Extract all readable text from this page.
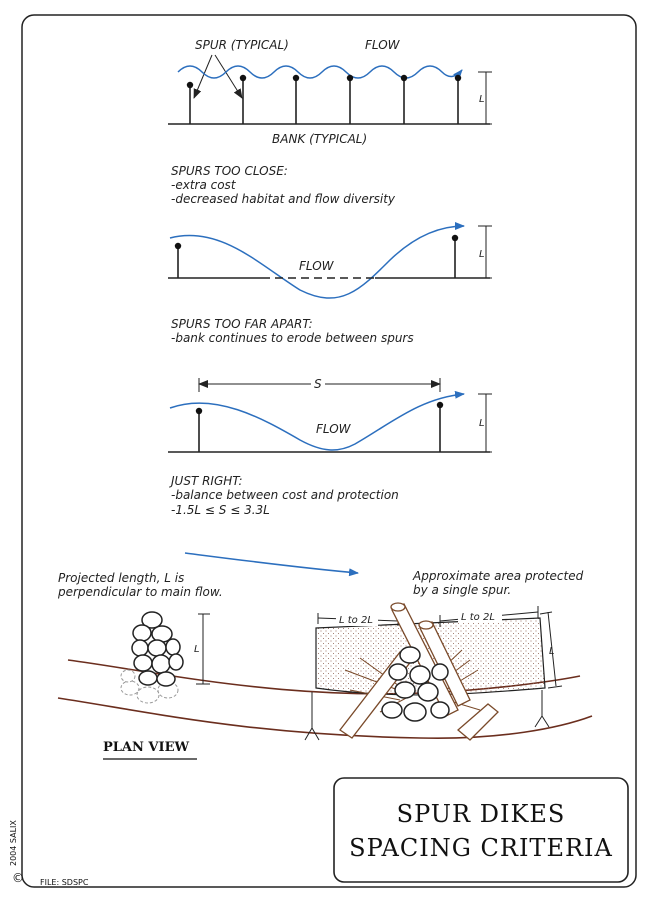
SPUR (TYPICAL)	FLOW
L
BANK (TYPICAL)
SPURS TOO CLOSE:
-extra cost
-decreased habitat and flow diversity
L
FLOW
SPURS TOO FAR APART:
-bank continues to erode between spurs
S
L
FLOW
JUST RIGHT:
-balance between cost and protection
-1.5L ≤ S ≤ 3.3L
Projected length, L is
perpendicular to main flow.
Approximate area protected
by a single spur.
L to 2L	L to 2L
L
L
PLAN VIEW
SPUR DIKES
SPACING CRITERIA
©
2004 SALIX
FILE: SDSPC
